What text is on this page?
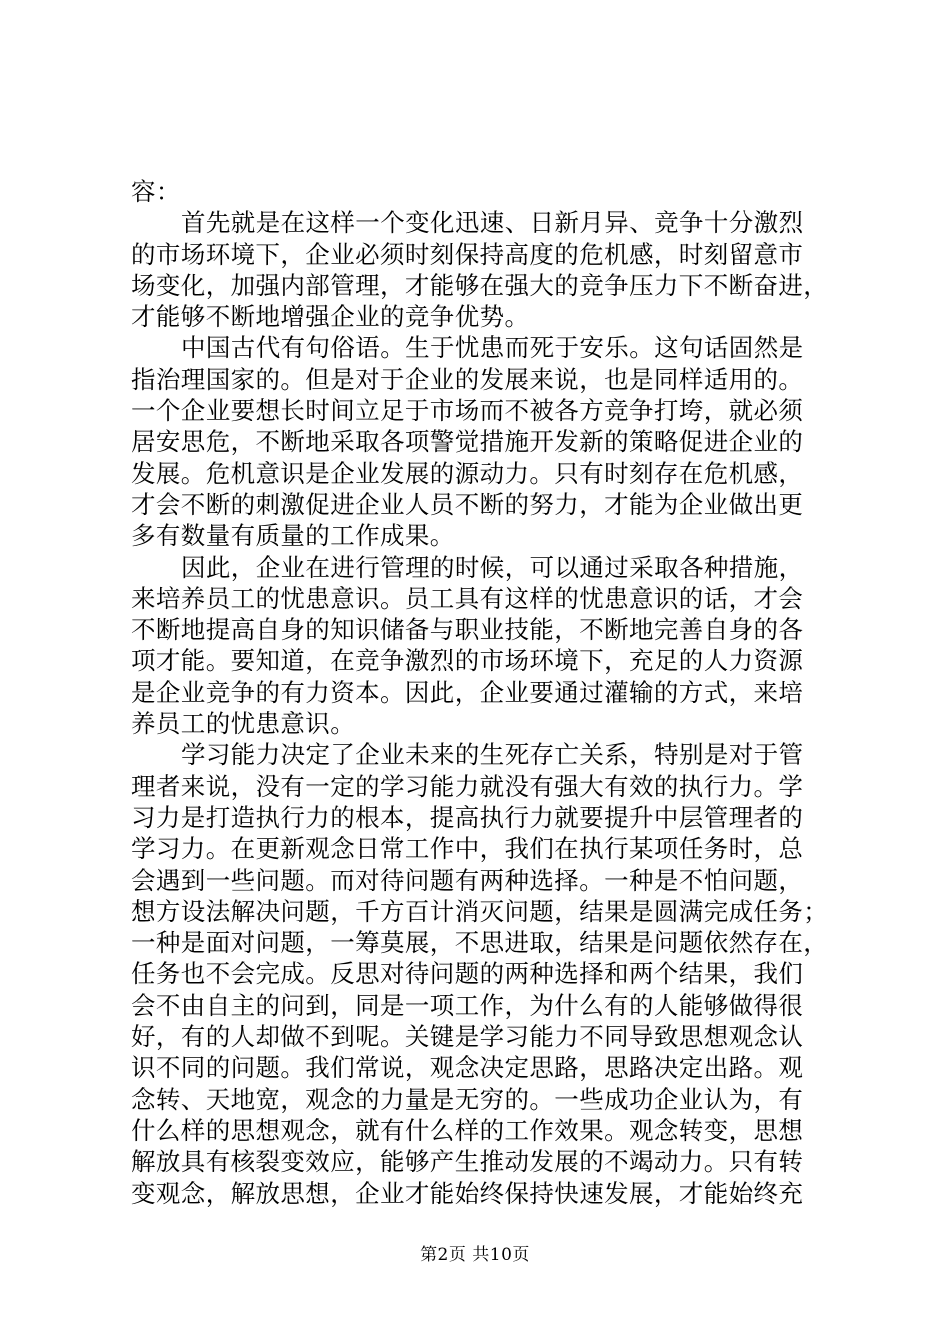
容：
首先就是在这样一个变化迅速、日新月异、竞争十分激烈
的市场环境下，企业必须时刻保持高度的危机感，时刻留意市
场变化，加强内部管理，才能够在强大的竞争压力下不断奋进，
才能够不断地增强企业的竞争优势。
中国古代有句俗语。生于忧患而死于安乐。这句话固然是
指治理国家的。但是对于企业的发展来说，也是同样适用的。
一个企业要想长时间立足于市场而不被各方竞争打垮，就必须
居安思危，不断地采取各项警觉措施开发新的策略促进企业的
发展。危机意识是企业发展的源动力。只有时刻存在危机感，
才会不断的刺激促进企业人员不断的努力，才能为企业做出更
多有数量有质量的工作成果。
因此，企业在进行管理的时候，可以通过采取各种措施，
来培养员工的忧患意识。员工具有这样的忧患意识的话，才会
不断地提高自身的知识储备与职业技能，不断地完善自身的各
项才能。要知道，在竞争激烈的市场环境下，充足的人力资源
是企业竞争的有力资本。因此，企业要通过灌输的方式，来培
养员工的忧患意识。
学习能力决定了企业未来的生死存亡关系，特别是对于管
理者来说，没有一定的学习能力就没有强大有效的执行力。学
习力是打造执行力的根本，提高执行力就要提升中层管理者的
学习力。在更新观念日常工作中，我们在执行某项任务时，总
会遇到一些问题。而对待问题有两种选择。一种是不怕问题，
想方设法解决问题，千方百计消灭问题，结果是圆满完成任务；
一种是面对问题，一筹莫展，不思进取，结果是问题依然存在，
任务也不会完成。反思对待问题的两种选择和两个结果，我们
会不由自主的问到，同是一项工作，为什么有的人能够做得很
好，有的人却做不到呢。关键是学习能力不同导致思想观念认
识不同的问题。我们常说，观念决定思路，思路决定出路。观
念转、天地宽，观念的力量是无穷的。一些成功企业认为，有
什么样的思想观念，就有什么样的工作效果。观念转变，思想
解放具有核裂变效应，能够产生推动发展的不竭动力。只有转
变观念，解放思想，企业才能始终保持快速发展，才能始终充
第2页 共10页
